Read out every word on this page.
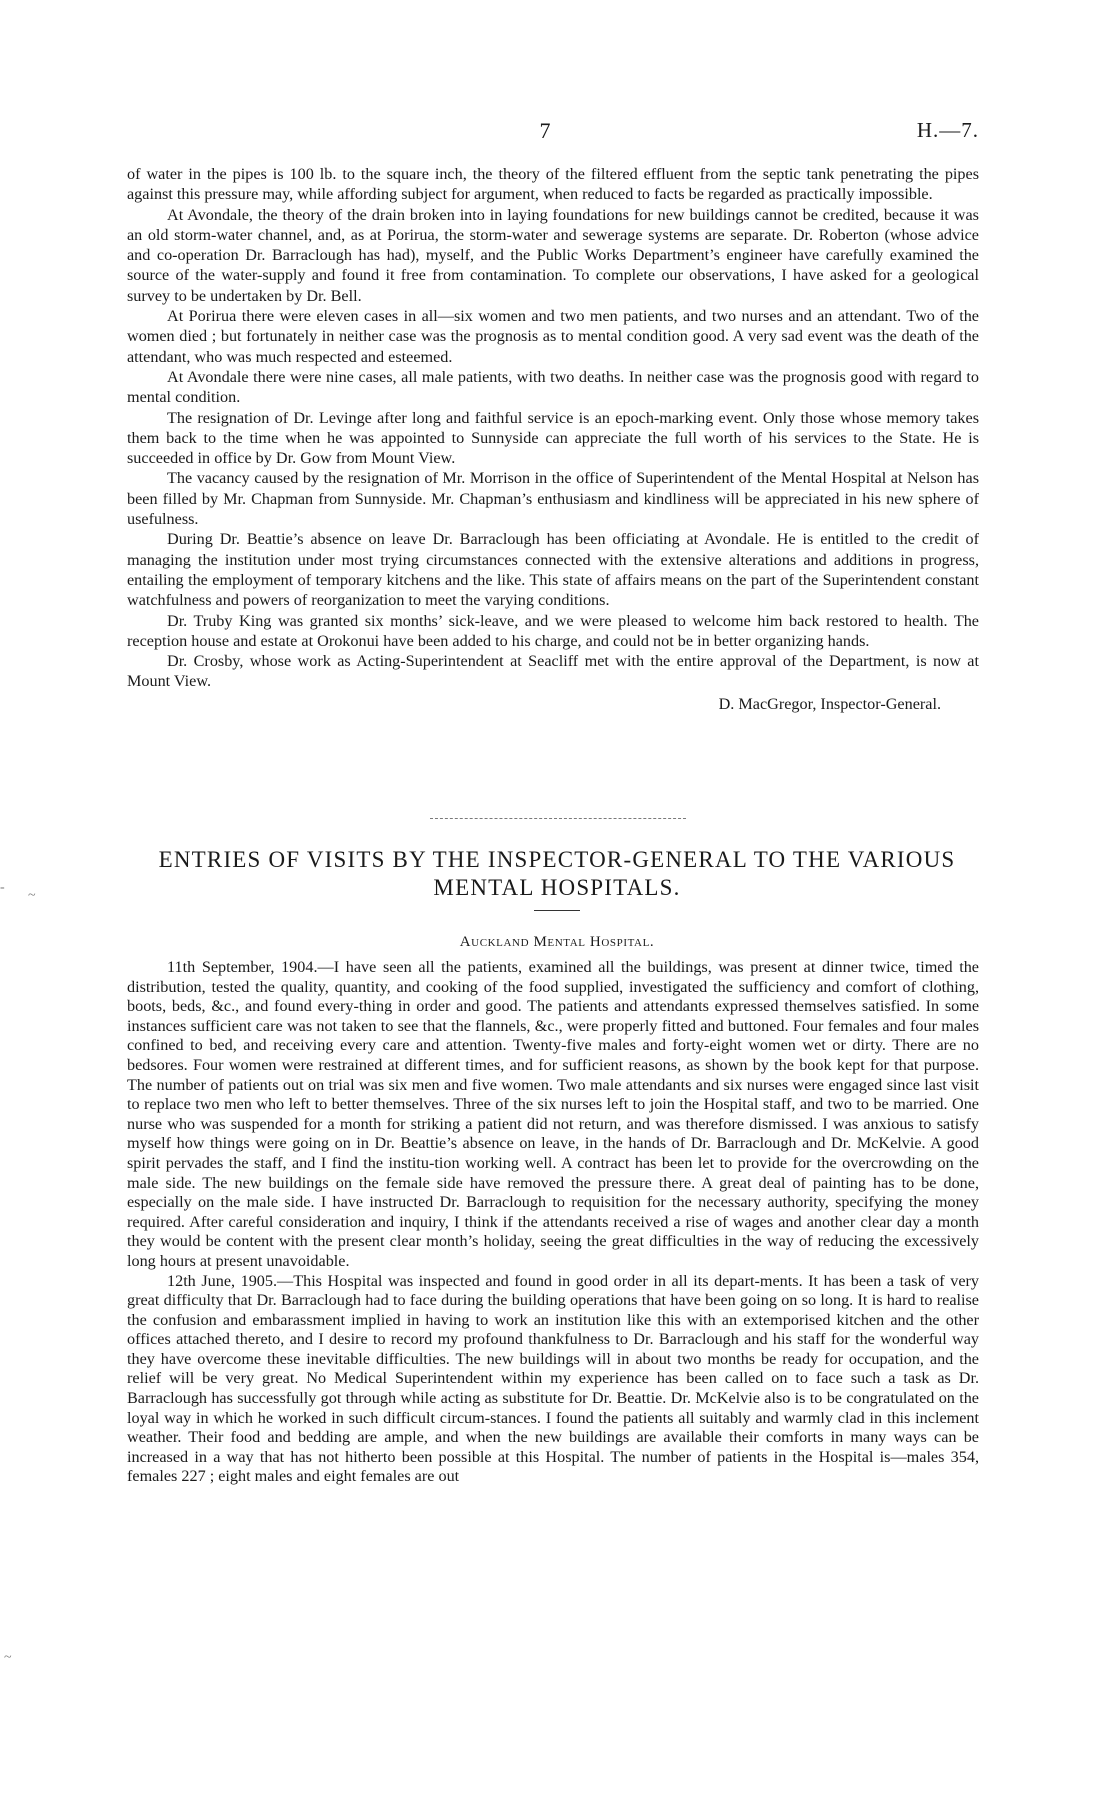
7	H.—7.

of water in the pipes is 100 lb. to the square inch, the theory of the filtered effluent from the septic tank penetrating the pipes against this pressure may, while affording subject for argument, when reduced to facts be regarded as practically impossible.

At Avondale, the theory of the drain broken into in laying foundations for new buildings cannot be credited, because it was an old storm-water channel, and, as at Porirua, the storm-water and sewerage systems are separate. Dr. Roberton (whose advice and co-operation Dr. Barraclough has had), myself, and the Public Works Department’s engineer have carefully examined the source of the water-supply and found it free from contamination. To complete our observations, I have asked for a geological survey to be undertaken by Dr. Bell.

At Porirua there were eleven cases in all—six women and two men patients, and two nurses and an attendant. Two of the women died ; but fortunately in neither case was the prognosis as to mental condition good. A very sad event was the death of the attendant, who was much respected and esteemed.

At Avondale there were nine cases, all male patients, with two deaths. In neither case was the prognosis good with regard to mental condition.

The resignation of Dr. Levinge after long and faithful service is an epoch-marking event. Only those whose memory takes them back to the time when he was appointed to Sunnyside can appreciate the full worth of his services to the State. He is succeeded in office by Dr. Gow from Mount View.

The vacancy caused by the resignation of Mr. Morrison in the office of Superintendent of the Mental Hospital at Nelson has been filled by Mr. Chapman from Sunnyside. Mr. Chapman’s enthusiasm and kindliness will be appreciated in his new sphere of usefulness.

During Dr. Beattie’s absence on leave Dr. Barraclough has been officiating at Avondale. He is entitled to the credit of managing the institution under most trying circumstances connected with the extensive alterations and additions in progress, entailing the employment of temporary kitchens and the like. This state of affairs means on the part of the Superintendent constant watchfulness and powers of reorganization to meet the varying conditions.

Dr. Truby King was granted six months’ sick-leave, and we were pleased to welcome him back restored to health. The reception house and estate at Orokonui have been added to his charge, and could not be in better organizing hands.

Dr. Crosby, whose work as Acting-Superintendent at Seacliff met with the entire approval of the Department, is now at Mount View.

D. MacGregor, Inspector-General.
ENTRIES OF VISITS BY THE INSPECTOR-GENERAL TO THE VARIOUS
MENTAL HOSPITALS.
Auckland Mental Hospital.

11th September, 1904.—I have seen all the patients, examined all the buildings, was present at dinner twice, timed the distribution, tested the quality, quantity, and cooking of the food supplied, investigated the sufficiency and comfort of clothing, boots, beds, &c., and found every-thing in order and good. The patients and attendants expressed themselves satisfied. In some instances sufficient care was not taken to see that the flannels, &c., were properly fitted and buttoned. Four females and four males confined to bed, and receiving every care and attention. Twenty-five males and forty-eight women wet or dirty. There are no bedsores. Four women were restrained at different times, and for sufficient reasons, as shown by the book kept for that purpose. The number of patients out on trial was six men and five women. Two male attendants and six nurses were engaged since last visit to replace two men who left to better themselves. Three of the six nurses left to join the Hospital staff, and two to be married. One nurse who was suspended for a month for striking a patient did not return, and was therefore dismissed. I was anxious to satisfy myself how things were going on in Dr. Beattie’s absence on leave, in the hands of Dr. Barraclough and Dr. McKelvie. A good spirit pervades the staff, and I find the institu-tion working well. A contract has been let to provide for the overcrowding on the male side. The new buildings on the female side have removed the pressure there. A great deal of painting has to be done, especially on the male side. I have instructed Dr. Barraclough to requisition for the necessary authority, specifying the money required. After careful consideration and inquiry, I think if the attendants received a rise of wages and another clear day a month they would be content with the present clear month’s holiday, seeing the great difficulties in the way of reducing the excessively long hours at present unavoidable.

12th June, 1905.—This Hospital was inspected and found in good order in all its depart-ments. It has been a task of very great difficulty that Dr. Barraclough had to face during the building operations that have been going on so long. It is hard to realise the confusion and embarassment implied in having to work an institution like this with an extemporised kitchen and the other offices attached thereto, and I desire to record my profound thankfulness to Dr. Barraclough and his staff for the wonderful way they have overcome these inevitable difficulties. The new buildings will in about two months be ready for occupation, and the relief will be very great. No Medical Superintendent within my experience has been called on to face such a task as Dr. Barraclough has successfully got through while acting as substitute for Dr. Beattie. Dr. McKelvie also is to be congratulated on the loyal way in which he worked in such difficult circum-stances. I found the patients all suitably and warmly clad in this inclement weather. Their food and bedding are ample, and when the new buildings are available their comforts in many ways can be increased in a way that has not hitherto been possible at this Hospital. The number of patients in the Hospital is—males 354, females 227 ; eight males and eight females are out

-
~
~
